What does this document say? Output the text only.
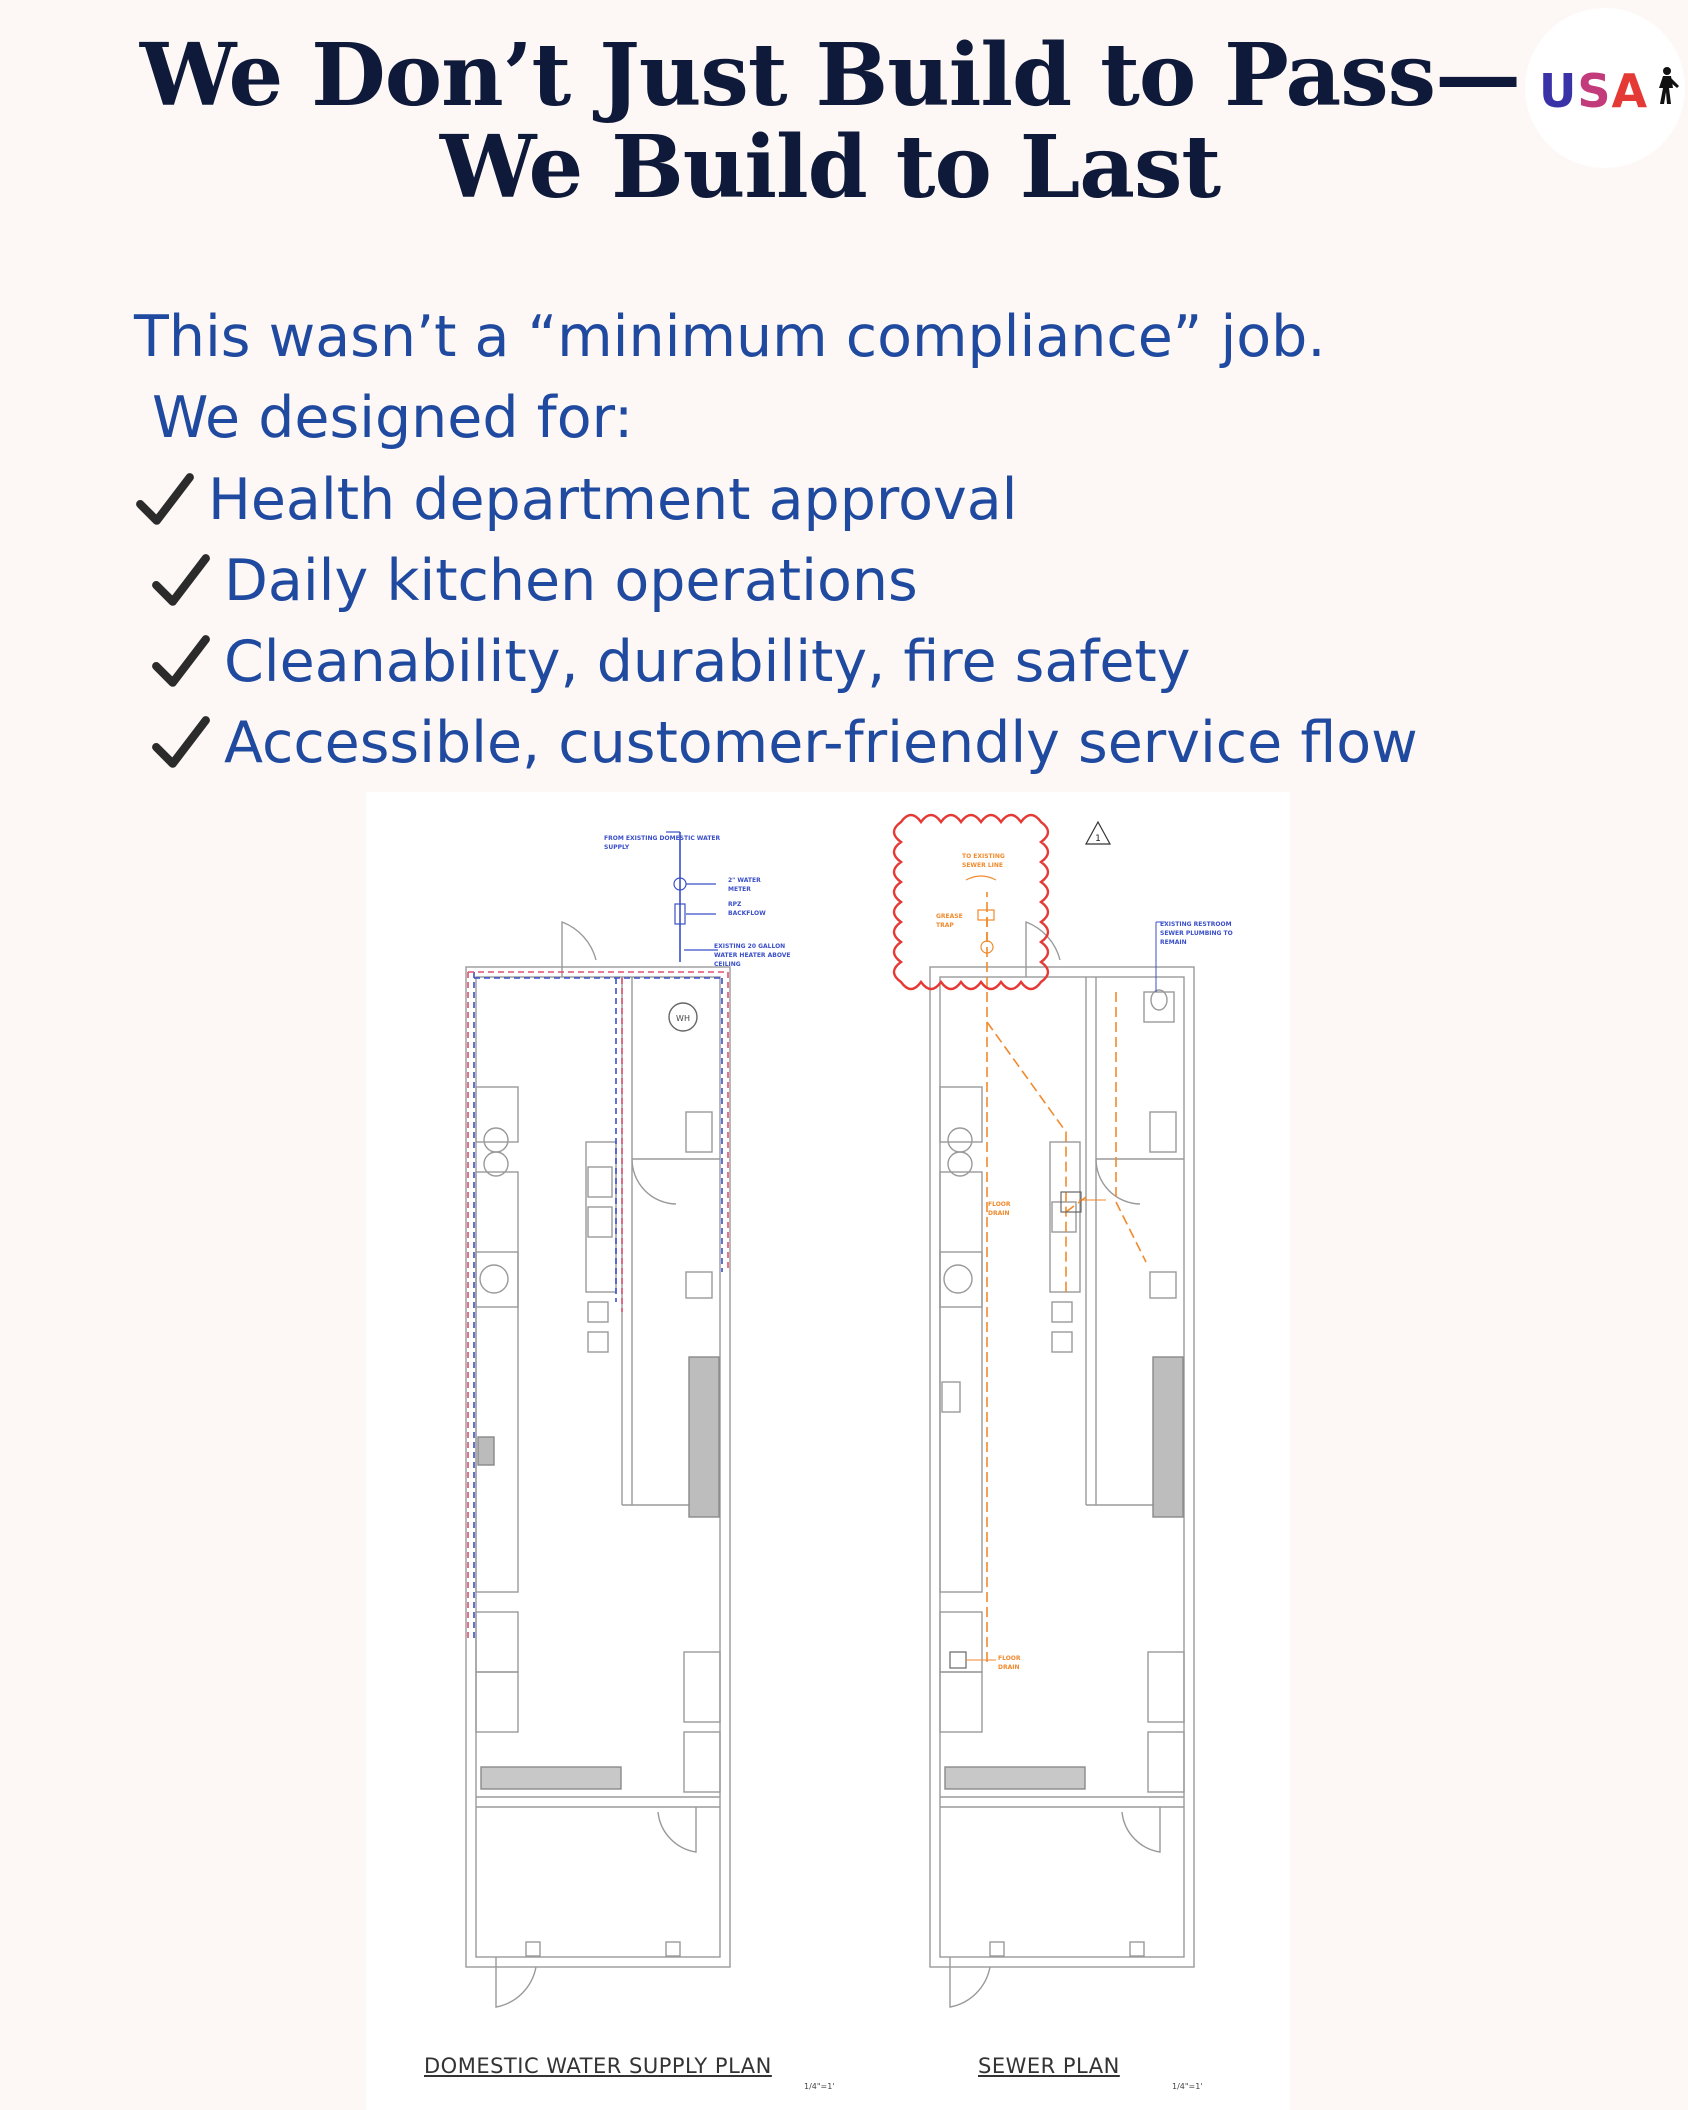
We Don’t Just Build to Pass—We Build to Last
USA
This wasn’t a “minimum compliance” job.
We designed for:
Health department approval
Daily kitchen operations
Cleanability, durability, fire safety
Accessible, customer-friendly service flow
WH
1
FROM EXISTING DOMESTIC WATER
SUPPLY
2" WATER
METER
RPZ
BACKFLOW
EXISTING 20 GALLON
WATER HEATER ABOVE
CEILING
TO EXISTING
SEWER LINE
GREASE
TRAP	EXISTING RESTROOM
SEWER PLUMBING TO
REMAIN
FLOOR
DRAIN
FLOOR
DRAIN
DOMESTIC WATER SUPPLY PLAN
1/4"=1'
SEWER PLAN
1/4"=1'
